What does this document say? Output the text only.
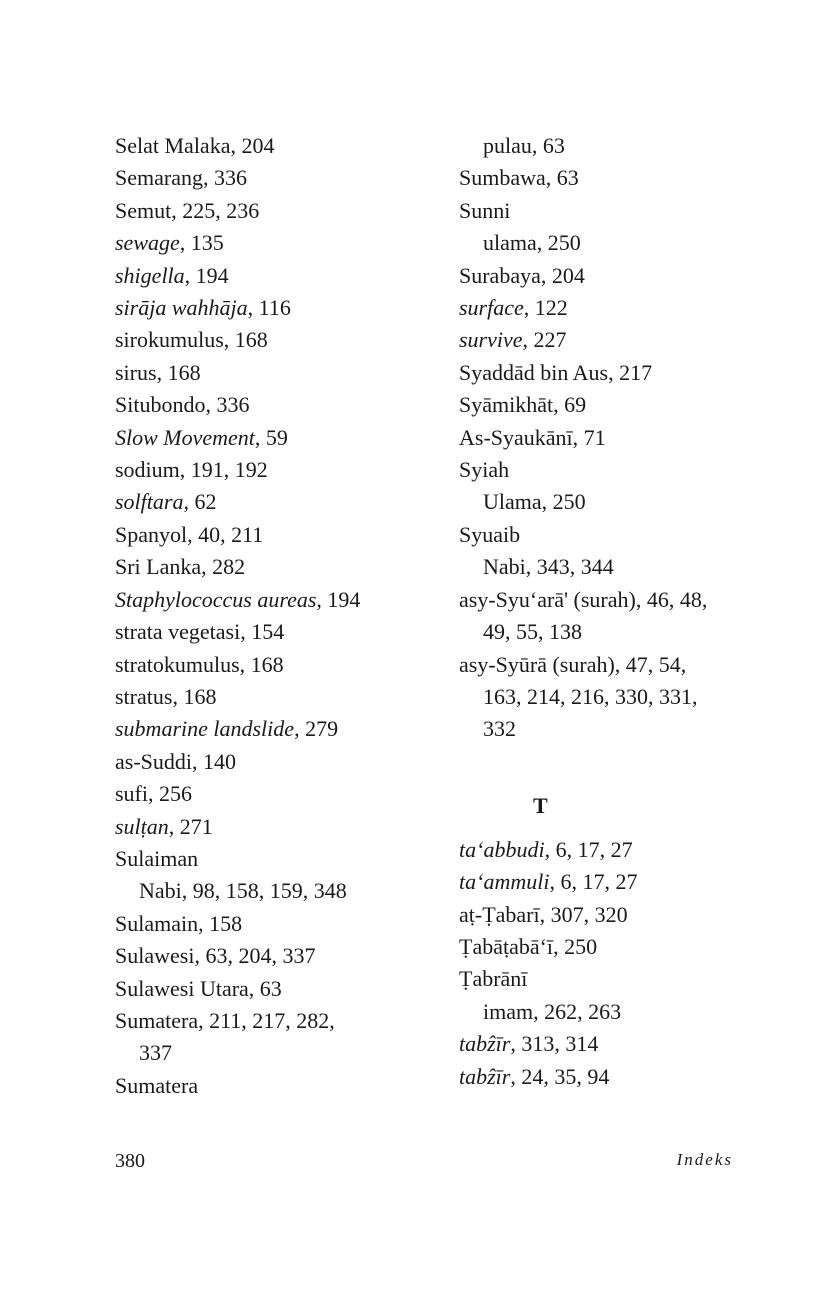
Selat Malaka, 204
Semarang, 336
Semut, 225, 236
sewage, 135
shigella, 194
sirāja wahhāja, 116
sirokumulus, 168
sirus, 168
Situbondo, 336
Slow Movement, 59
sodium, 191, 192
solftara, 62
Spanyol, 40, 211
Sri Lanka, 282
Staphylococcus aureas, 194
strata vegetasi, 154
stratokumulus, 168
stratus, 168
submarine landslide, 279
as-Suddi, 140
sufi, 256
sulṭan, 271
Sulaiman
Nabi, 98, 158, 159, 348
Sulamain, 158
Sulawesi, 63, 204, 337
Sulawesi Utara, 63
Sumatera, 211, 217, 282,
337
Sumatera
pulau, 63
Sumbawa, 63
Sunni
ulama, 250
Surabaya, 204
surface, 122
survive, 227
Syaddād bin Aus, 217
Syāmikhāt, 69
As-Syaukānī, 71
Syiah
Ulama, 250
Syuaib
Nabi, 343, 344
asy-Syu‘arā' (surah), 46, 48,
49, 55, 138
asy-Syūrā (surah), 47, 54,
163, 214, 216, 330, 331,
332
T
ta‘abbudi, 6, 17, 27
ta‘ammuli, 6, 17, 27
aṭ-Ṭabarī, 307, 320
Ṭabāṭabā‘ī, 250
Ṭabrānī
imam, 262, 263
tabẑīr, 313, 314
tabẑīr, 24, 35, 94
380	Indeks
